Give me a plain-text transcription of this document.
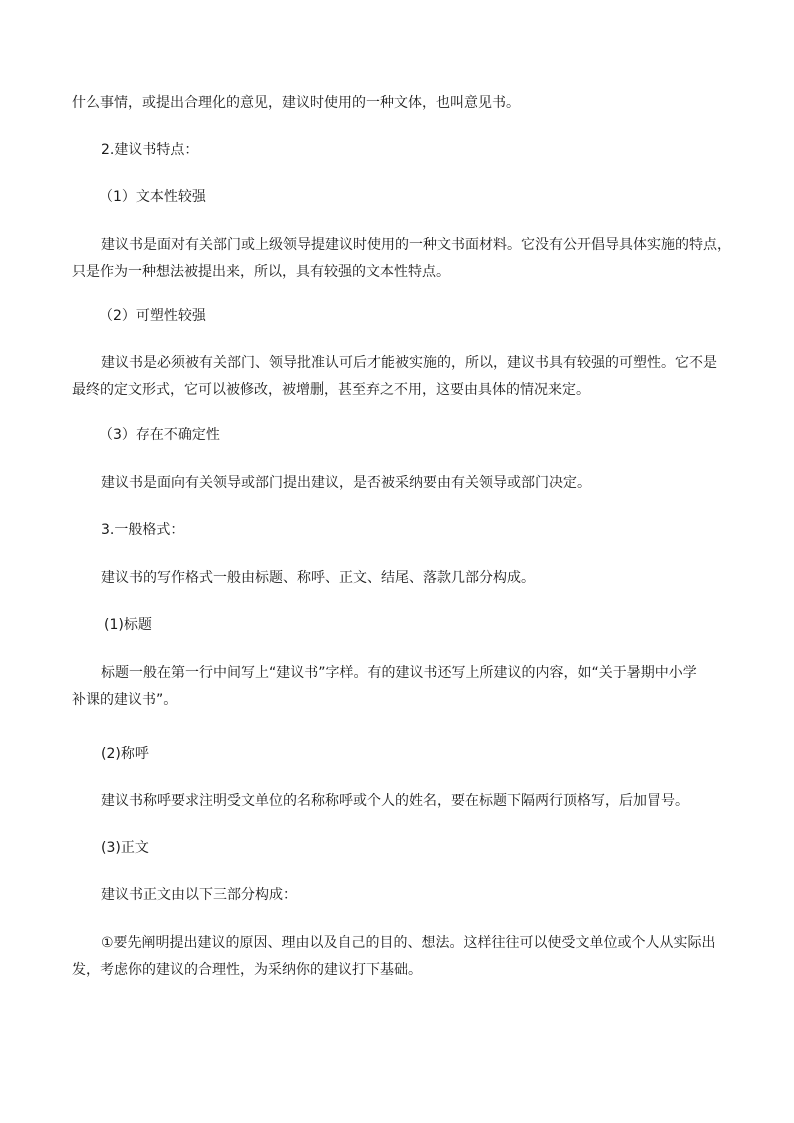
什么事情，或提出合理化的意见，建议时使用的一种文体，也叫意见书。
2.建议书特点：
（1）文本性较强
建议书是面对有关部门或上级领导提建议时使用的一种文书面材料。它没有公开倡导具体实施的特点，
只是作为一种想法被提出来，所以，具有较强的文本性特点。
（2）可塑性较强
建议书是必须被有关部门、领导批准认可后才能被实施的，所以，建议书具有较强的可塑性。它不是
最终的定文形式，它可以被修改，被增删，甚至弃之不用，这要由具体的情况来定。
（3）存在不确定性
建议书是面向有关领导或部门提出建议，是否被采纳要由有关领导或部门决定。
3.一般格式：
建议书的写作格式一般由标题、称呼、正文、结尾、落款几部分构成。
(1)标题
标题一般在第一行中间写上“建议书”字样。有的建议书还写上所建议的内容，如“关于暑期中小学
补课的建议书”。
(2)称呼
建议书称呼要求注明受文单位的名称称呼或个人的姓名，要在标题下隔两行顶格写，后加冒号。
(3)正文
建议书正文由以下三部分构成：
①要先阐明提出建议的原因、理由以及自己的目的、想法。这样往往可以使受文单位或个人从实际出
发，考虑你的建议的合理性，为采纳你的建议打下基础。
